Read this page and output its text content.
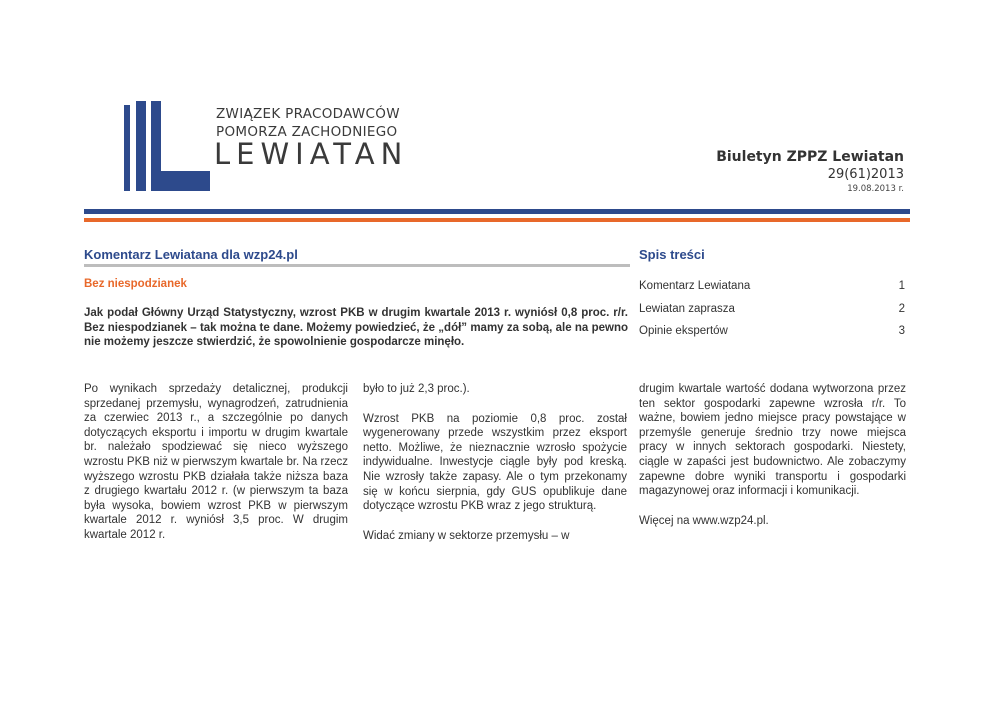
ZWIĄZEK PRACODAWCÓW
POMORZA ZACHODNIEGO
LEWIATAN	Biuletyn ZPPZ Lewiatan
29(61)2013
19.08.2013 r.
Komentarz Lewiatana dla wzp24.pl
Bez niespodzianek
Jak podał Główny Urząd Statystyczny, wzrost PKB w drugim kwartale 2013 r. wyniósł 0,8 proc. r/r. Bez niespodzianek – tak można te dane. Możemy powiedzieć, że „dół” mamy za sobą, ale na pewno nie możemy jeszcze stwierdzić, że spowolnienie gospodarcze minęło.

Po wynikach sprzedaży detalicznej, produkcji sprzedanej przemysłu, wynagrodzeń, zatrudnienia za czerwiec 2013 r., a szczególnie po danych dotyczących eksportu i importu w drugim kwartale br. należało spodziewać się nieco wyższego wzrostu PKB niż w pierwszym kwartale br. Na rzecz wyższego wzrostu PKB działała także niższa baza z drugiego kwartału 2012 r. (w pierwszym ta baza była wysoka, bowiem wzrost PKB w pierwszym kwartale 2012 r. wyniósł 3,5 proc. W drugim kwartale 2012 r.

było to już 2,3 proc.).

Wzrost PKB na poziomie 0,8 proc. został wygenerowany przede wszystkim przez eksport netto. Możliwe, że nieznacznie wzrosło spożycie indywidualne. Inwestycje ciągle były pod kreską. Nie wzrosły także zapasy. Ale o tym przekonamy się w końcu sierpnia, gdy GUS opublikuje dane dotyczące wzrostu PKB wraz z jego strukturą.

Widać zmiany w sektorze przemysłu – w

drugim kwartale wartość dodana wytworzona przez ten sektor gospodarki zapewne wzrosła r/r. To ważne, bowiem jedno miejsce pracy powstające w przemyśle generuje średnio trzy nowe miejsca pracy w innych sektorach gospodarki. Niestety, ciągle w zapaści jest budownictwo. Ale zobaczymy zapewne dobre wyniki transportu i gospodarki magazynowej oraz informacji i komunikacji.

Więcej na www.wzp24.pl.

Spis treści
Komentarz Lewiatana	1
Lewiatan zaprasza	2
Opinie ekspertów	3
